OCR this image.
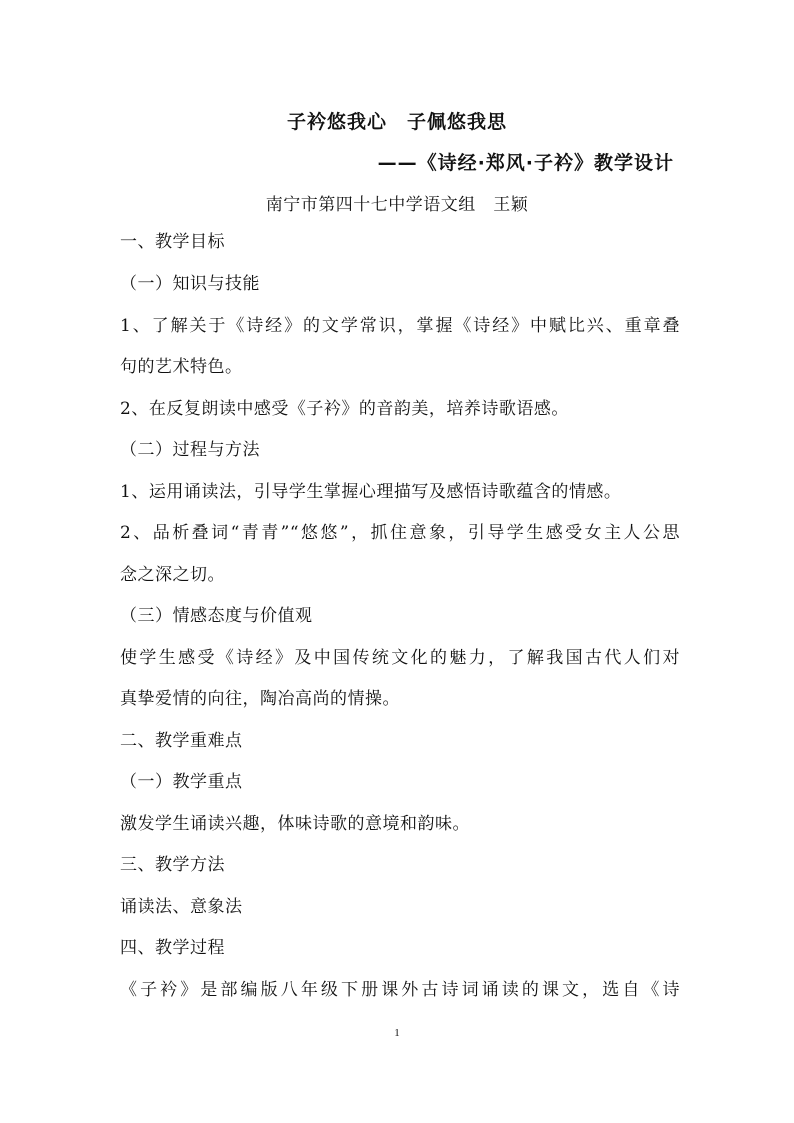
子衿悠我心　子佩悠我思
——《诗经·郑风·子衿》教学设计
南宁市第四十七中学语文组　王颖
一、教学目标
（一）知识与技能
1、了解关于《诗经》的文学常识，掌握《诗经》中赋比兴、重章叠
句的艺术特色。
2、在反复朗读中感受《子衿》的音韵美，培养诗歌语感。
（二）过程与方法
1、运用诵读法，引导学生掌握心理描写及感悟诗歌蕴含的情感。
2、品析叠词“青青”“悠悠”，抓住意象，引导学生感受女主人公思
念之深之切。
（三）情感态度与价值观
使学生感受《诗经》及中国传统文化的魅力，了解我国古代人们对
真挚爱情的向往，陶冶高尚的情操。
二、教学重难点
（一）教学重点
激发学生诵读兴趣，体味诗歌的意境和韵味。
三、教学方法
诵读法、意象法
四、教学过程
《子衿》是部编版八年级下册课外古诗词诵读的课文，选自《诗
1
